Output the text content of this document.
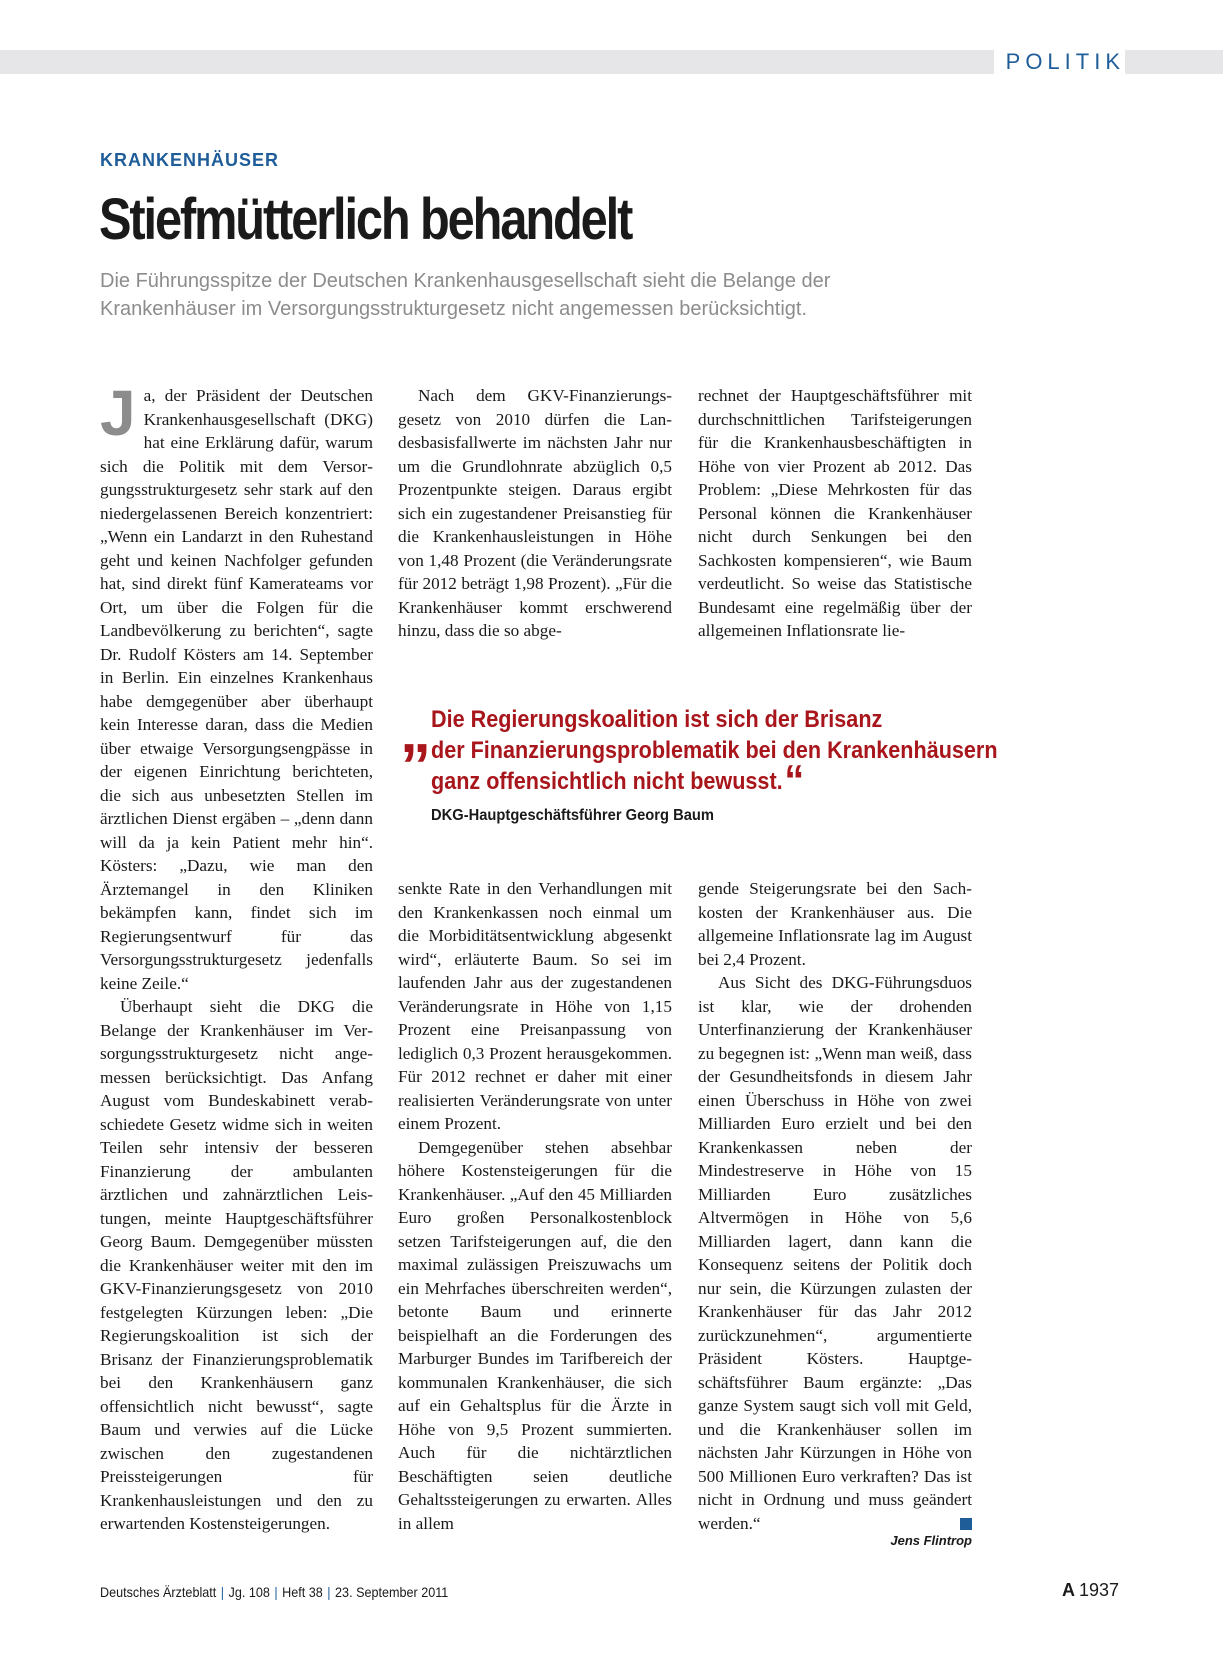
POLITIK
KRANKENHÄUSER
Stiefmütterlich behandelt
Die Führungsspitze der Deutschen Krankenhausgesellschaft sieht die Belange der
Krankenhäuser im Versorgungsstrukturgesetz nicht angemessen berücksichtigt.

Ja, der Präsident der Deutschen Krankenhausgesellschaft (DKG) hat eine Erklärung dafür, warum sich die Politik mit dem Versorgungsstrukturgesetz sehr stark auf den niedergelassenen Bereich konzentriert: „Wenn ein Landarzt in den Ruhestand geht und keinen Nachfolger gefunden hat, sind direkt fünf Kamerateams vor Ort, um über die Folgen für die Landbevölkerung zu berichten“, sagte Dr. Rudolf Kösters am 14. September in Berlin. Ein einzelnes Krankenhaus habe demgegenüber aber überhaupt kein Interesse daran, dass die Medien über etwaige Versorgungsengpässe in der eigenen Einrichtung berichteten, die sich aus unbesetzten Stellen im ärztlichen Dienst ergäben – „denn dann will da ja kein Patient mehr hin“. Kösters: „Dazu, wie man den Ärztemangel in den Kliniken bekämpfen kann, findet sich im Regierungsentwurf für das Versorgungsstrukturgesetz jedenfalls keine Zeile.“

Überhaupt sieht die DKG die Belange der Krankenhäuser im Versorgungsstrukturgesetz nicht angemessen berücksichtigt. Das Anfang August vom Bundeskabinett verabschiedete Gesetz widme sich in weiten Teilen sehr intensiv der besseren Finanzierung der ambulanten ärztlichen und zahnärztlichen Leistungen, meinte Hauptgeschäftsführer Georg Baum. Demgegenüber müssten die Krankenhäuser weiter mit den im GKV-Finanzierungsgesetz von 2010 festgelegten Kürzungen leben: „Die Regierungskoalition ist sich der Brisanz der Finanzierungsproblematik bei den Krankenhäusern ganz offensichtlich nicht bewusst“, sagte Baum und verwies auf die Lücke zwischen den zugestandenen Preissteigerungen für Krankenhausleistungen und den zu erwartenden Kostensteigerungen.

Nach dem GKV-Finanzierungsgesetz von 2010 dürfen die Landesbasisfallwerte im nächsten Jahr nur um die Grundlohnrate abzüglich 0,5 Prozentpunkte steigen. Daraus ergibt sich ein zugestandener Preisanstieg für die Krankenhausleistungen in Höhe von 1,48 Prozent (die Veränderungsrate für 2012 beträgt 1,98 Prozent). „Für die Krankenhäuser kommt erschwerend hinzu, dass die so abge-

rechnet der Hauptgeschäftsführer mit durchschnittlichen Tarifsteigerungen für die Krankenhausbeschäftigten in Höhe von vier Prozent ab 2012. Das Problem: „Diese Mehrkosten für das Personal können die Krankenhäuser nicht durch Senkungen bei den Sachkosten kompensieren“, wie Baum verdeutlicht. So weise das Statistische Bundesamt eine regelmäßig über der allgemeinen Inflationsrate lie-

„ Die Regierungskoalition ist sich der Brisanz
der Finanzierungsproblematik bei den Krankenhäusern
ganz offensichtlich nicht bewusst.“
DKG-Hauptgeschäftsführer Georg Baum

senkte Rate in den Verhandlungen mit den Krankenkassen noch einmal um die Morbiditätsentwicklung abgesenkt wird“, erläuterte Baum. So sei im laufenden Jahr aus der zugestandenen Veränderungsrate in Höhe von 1,15 Prozent eine Preisanpassung von lediglich 0,3 Prozent herausgekommen. Für 2012 rechnet er daher mit einer realisierten Veränderungsrate von unter einem Prozent.

Demgegenüber stehen absehbar höhere Kostensteigerungen für die Krankenhäuser. „Auf den 45 Milliarden Euro großen Personalkostenblock setzen Tarifsteigerungen auf, die den maximal zulässigen Preiszuwachs um ein Mehrfaches überschreiten werden“, betonte Baum und erinnerte beispielhaft an die Forderungen des Marburger Bundes im Tarifbereich der kommunalen Krankenhäuser, die sich auf ein Gehaltsplus für die Ärzte in Höhe von 9,5 Prozent summierten. Auch für die nichtärztlichen Beschäftigten seien deutliche Gehaltssteigerungen zu erwarten. Alles in allem

gende Steigerungsrate bei den Sachkosten der Krankenhäuser aus. Die allgemeine Inflationsrate lag im August bei 2,4 Prozent.

Aus Sicht des DKG-Führungsduos ist klar, wie der drohenden Unterfinanzierung der Krankenhäuser zu begegnen ist: „Wenn man weiß, dass der Gesundheitsfonds in diesem Jahr einen Überschuss in Höhe von zwei Milliarden Euro erzielt und bei den Krankenkassen neben der Mindestreserve in Höhe von 15 Milliarden Euro zusätzliches Altvermögen in Höhe von 5,6 Milliarden lagert, dann kann die Konsequenz seitens der Politik doch nur sein, die Kürzungen zulasten der Krankenhäuser für das Jahr 2012 zurückzunehmen“, argumentierte Präsident Kösters. Hauptgeschäftsführer Baum ergänzte: „Das ganze System saugt sich voll mit Geld, und die Krankenhäuser sollen im nächsten Jahr Kürzungen in Höhe von 500 Millionen Euro verkraften? Das ist nicht in Ordnung und muss geändert werden.“

Jens Flintrop
Deutsches Ärzteblatt | Jg. 108 | Heft 38 | 23. September 2011	A 1937
